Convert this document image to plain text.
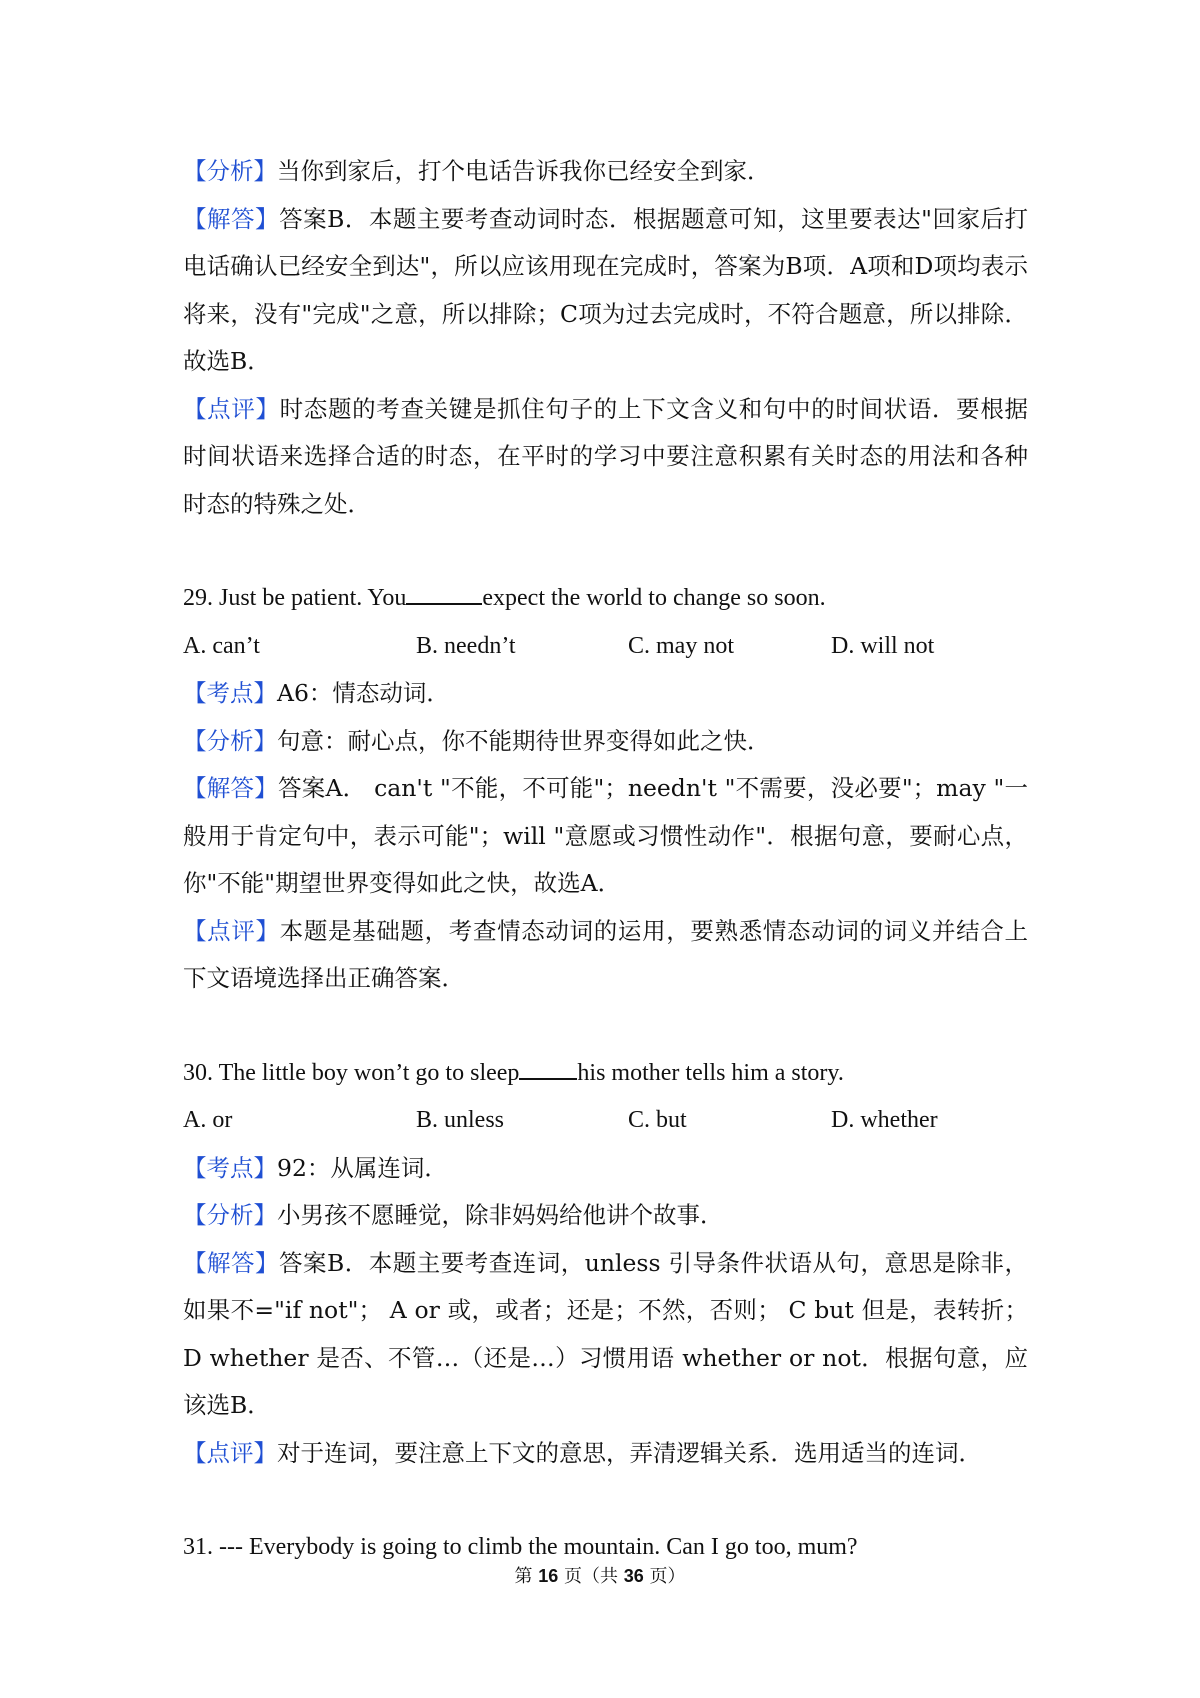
【分析】当你到家后，打个电话告诉我你已经安全到家．

【解答】答案B．本题主要考查动词时态．根据题意可知，这里要表达"回家后打电话确认已经安全到达"，所以应该用现在完成时，答案为B项．A项和D项均表示将来，没有"完成"之意，所以排除；C项为过去完成时，不符合题意，所以排除．故选B．

【点评】时态题的考查关键是抓住句子的上下文含义和句中的时间状语．要根据时间状语来选择合适的时态，在平时的学习中要注意积累有关时态的用法和各种时态的特殊之处．

29. Just be patient. You	expect the world to change so soon.

A. can’t	B. needn’t	C. may not	D. will not

【考点】A6：情态动词．

【分析】句意：耐心点，你不能期待世界变得如此之快．

【解答】答案A． can't "不能，不可能"；needn't "不需要，没必要"；may "一般用于肯定句中，表示可能"；will "意愿或习惯性动作"．根据句意，要耐心点，你"不能"期望世界变得如此之快，故选A．

【点评】本题是基础题，考查情态动词的运用，要熟悉情态动词的词义并结合上下文语境选择出正确答案．

30. The little boy won’t go to sleep his mother tells him a story.

A. or	B. unless	C. but	D. whether

【考点】92：从属连词．

【分析】小男孩不愿睡觉，除非妈妈给他讲个故事．

【解答】答案B．本题主要考查连词，unless 引导条件状语从句，意思是除非，如果不="if not"； A or 或，或者；还是；不然，否则； C but 但是，表转折；D whether 是否、不管…（还是…）习惯用语 whether or not．根据句意，应该选B．

【点评】对于连词，要注意上下文的意思，弄清逻辑关系．选用适当的连词．

31. --- Everybody is going to climb the mountain. Can I go too, mum?

第 16 页（共 36 页）
